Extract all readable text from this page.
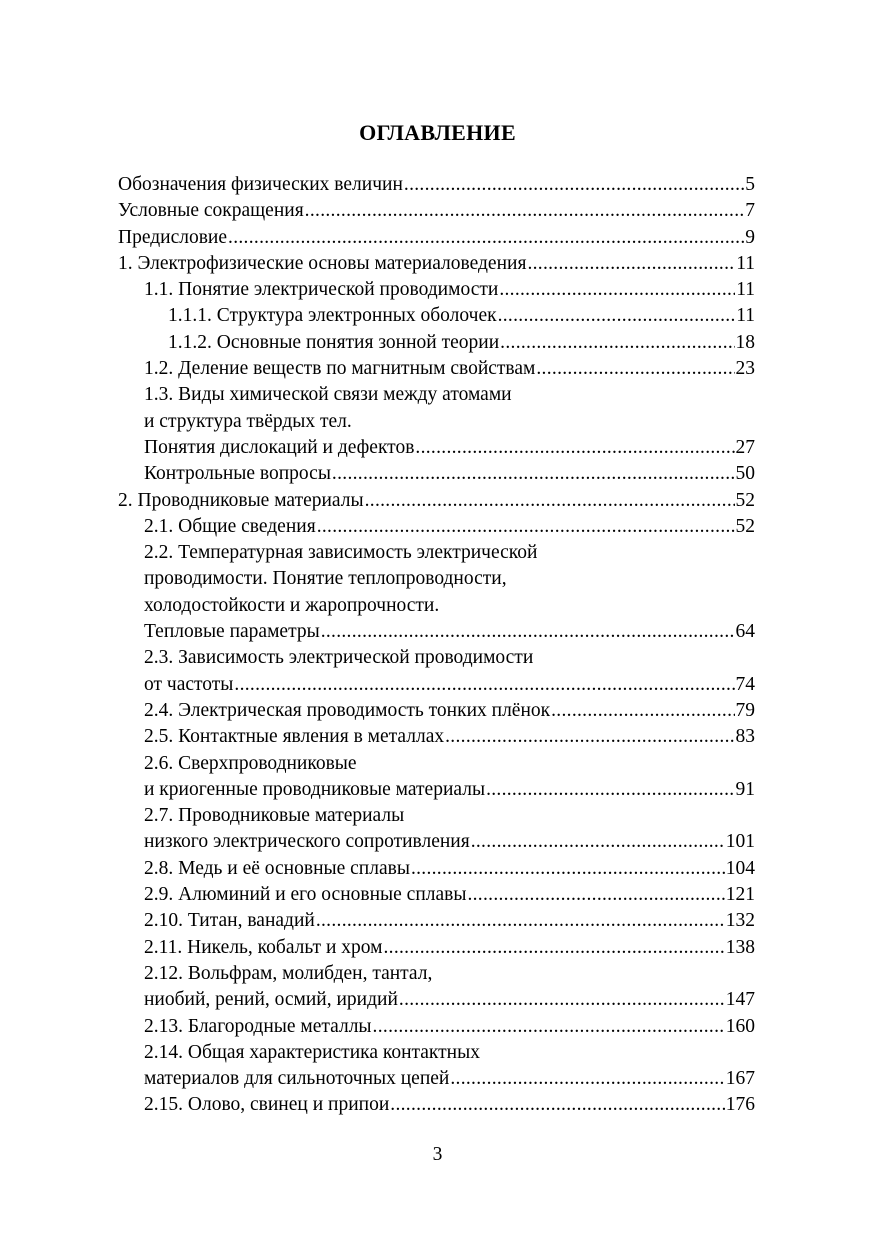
ОГЛАВЛЕНИЕ
Обозначения физических величин .....	5
Условные сокращения .....	7
Предисловие .....	9
1. Электрофизические основы материаловедения .....	11
1.1. Понятие электрической проводимости .....	11
1.1.1. Структура электронных оболочек .....	11
1.1.2. Основные понятия зонной теории .....	18
1.2. Деление веществ по магнитным свойствам .....	23
1.3. Виды химической связи между атомами
и структура твёрдых тел.
Понятия дислокаций и дефектов .....	27
Контрольные вопросы .....	50
2. Проводниковые материалы .....	52
2.1. Общие сведения .....	52
2.2. Температурная зависимость электрической
проводимости. Понятие теплопроводности,
холодостойкости и жаропрочности.
Тепловые параметры .....	64
2.3. Зависимость электрической проводимости
от частоты .....	74
2.4. Электрическая проводимость тонких плёнок .....	79
2.5. Контактные явления в металлах .....	83
2.6. Сверхпроводниковые
и криогенные проводниковые материалы .....	91
2.7. Проводниковые материалы
низкого электрического сопротивления .....	101
2.8. Медь и её основные сплавы .....	104
2.9. Алюминий и его основные сплавы .....	121
2.10. Титан, ванадий .....	132
2.11. Никель, кобальт и хром .....	138
2.12. Вольфрам, молибден, тантал,
ниобий, рений, осмий, иридий .....	147
2.13. Благородные металлы .....	160
2.14. Общая характеристика контактных
материалов для сильноточных цепей .....	167
2.15. Олово, свинец и припои .....	176
3
